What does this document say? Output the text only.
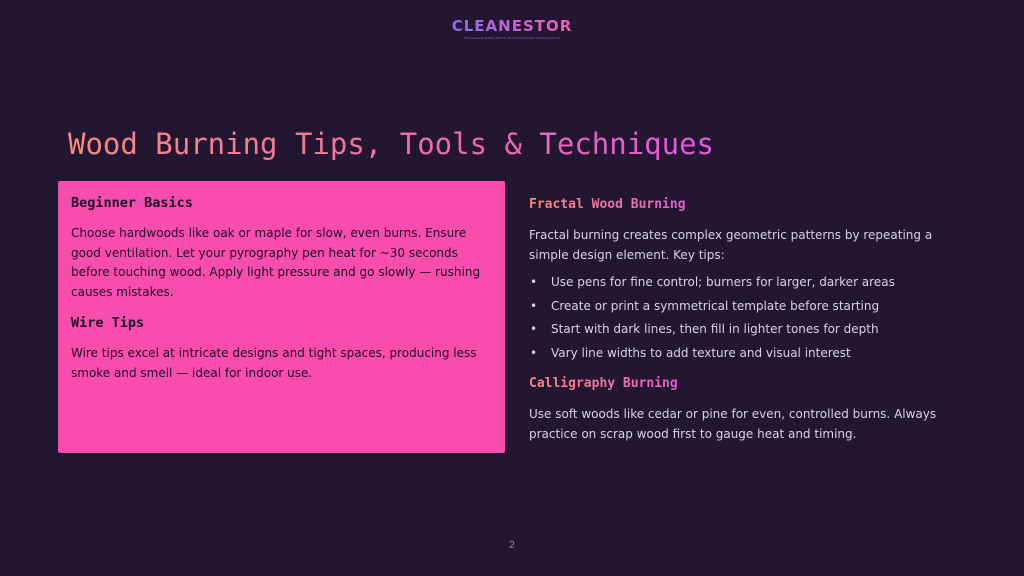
CLEANESTOR
The Cleaning Guides Site for All Your Household Cleaning Advice
Wood Burning Tips, Tools & Techniques
Beginner Basics

Choose hardwoods like oak or maple for slow, even burns. Ensure good ventilation. Let your pyrography pen heat for ~30 seconds before touching wood. Apply light pressure and go slowly — rushing causes mistakes.

Wire Tips

Wire tips excel at intricate designs and tight spaces, producing less smoke and smell — ideal for indoor use.

Fractal Wood Burning

Fractal burning creates complex geometric patterns by repeating a simple design element. Key tips:

• Use pens for fine control; burners for larger, darker areas
• Create or print a symmetrical template before starting
• Start with dark lines, then fill in lighter tones for depth
• Vary line widths to add texture and visual interest
Calligraphy Burning

Use soft woods like cedar or pine for even, controlled burns. Always practice on scrap wood first to gauge heat and timing.

2
